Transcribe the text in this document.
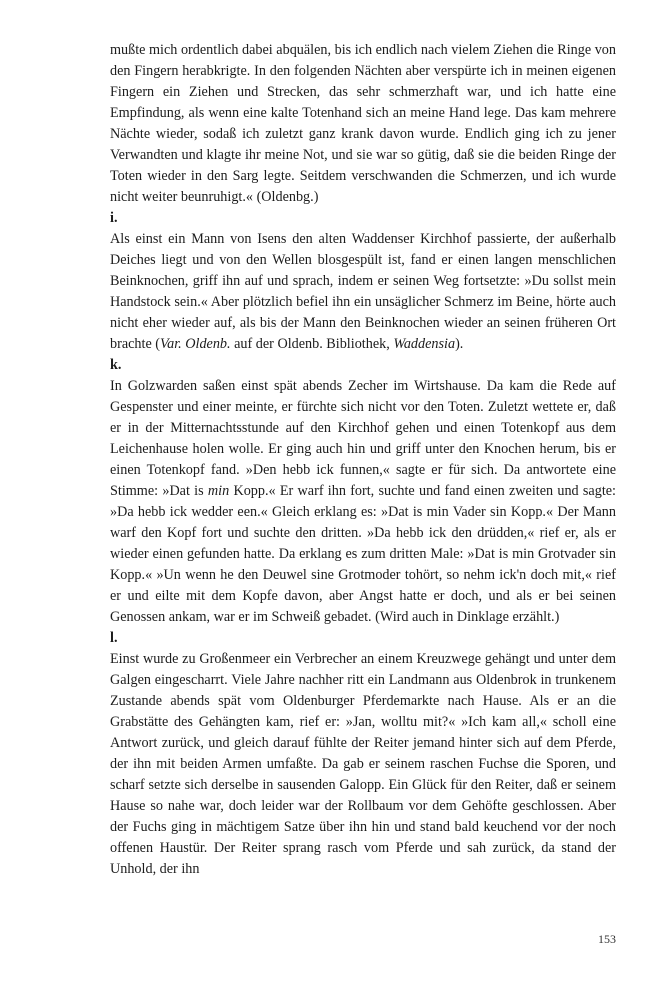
mußte mich ordentlich dabei abquälen, bis ich endlich nach vielem Ziehen die Ringe von den Fingern herabkrigte. In den folgenden Nächten aber verspürte ich in meinen eigenen Fingern ein Ziehen und Strecken, das sehr schmerzhaft war, und ich hatte eine Empfindung, als wenn eine kalte Totenhand sich an meine Hand lege. Das kam mehrere Nächte wieder, sodaß ich zuletzt ganz krank davon wurde. Endlich ging ich zu jener Verwandten und klagte ihr meine Not, und sie war so gütig, daß sie die beiden Ringe der Toten wieder in den Sarg legte. Seitdem verschwanden die Schmerzen, und ich wurde nicht weiter beunruhigt.« (Oldenbg.)

i.

Als einst ein Mann von Isens den alten Waddenser Kirchhof passierte, der außerhalb Deiches liegt und von den Wellen blosgespült ist, fand er einen langen menschlichen Beinknochen, griff ihn auf und sprach, indem er seinen Weg fortsetzte: »Du sollst mein Handstock sein.« Aber plötzlich befiel ihn ein unsäglicher Schmerz im Beine, hörte auch nicht eher wieder auf, als bis der Mann den Beinknochen wieder an seinen früheren Ort brachte (Var. Oldenb. auf der Oldenb. Bibliothek, Waddensia).

k.

In Golzwarden saßen einst spät abends Zecher im Wirtshause. Da kam die Rede auf Gespenster und einer meinte, er fürchte sich nicht vor den Toten. Zuletzt wettete er, daß er in der Mitternachtsstunde auf den Kirchhof gehen und einen Totenkopf aus dem Leichenhause holen wolle. Er ging auch hin und griff unter den Knochen herum, bis er einen Totenkopf fand. »Den hebb ick funnen,« sagte er für sich. Da antwortete eine Stimme: »Dat is min Kopp.« Er warf ihn fort, suchte und fand einen zweiten und sagte: »Da hebb ick wedder een.« Gleich erklang es: »Dat is min Vader sin Kopp.« Der Mann warf den Kopf fort und suchte den dritten. »Da hebb ick den drüdden,« rief er, als er wieder einen gefunden hatte. Da erklang es zum dritten Male: »Dat is min Grotvader sin Kopp.« »Un wenn he den Deuwel sine Grotmoder tohört, so nehm ick'n doch mit,« rief er und eilte mit dem Kopfe davon, aber Angst hatte er doch, und als er bei seinen Genossen ankam, war er im Schweiß gebadet. (Wird auch in Dinklage erzählt.)

l.

Einst wurde zu Großenmeer ein Verbrecher an einem Kreuzwege gehängt und unter dem Galgen eingescharrt. Viele Jahre nachher ritt ein Landmann aus Oldenbrok in trunkenem Zustande abends spät vom Oldenburger Pferdemarkte nach Hause. Als er an die Grabstätte des Gehängten kam, rief er: »Jan, wolltu mit?« »Ich kam all,« scholl eine Antwort zurück, und gleich darauf fühlte der Reiter jemand hinter sich auf dem Pferde, der ihn mit beiden Armen umfaßte. Da gab er seinem raschen Fuchse die Sporen, und scharf setzte sich derselbe in sausenden Galopp. Ein Glück für den Reiter, daß er seinem Hause so nahe war, doch leider war der Rollbaum vor dem Gehöfte geschlossen. Aber der Fuchs ging in mächtigem Satze über ihn hin und stand bald keuchend vor der noch offenen Haustür. Der Reiter sprang rasch vom Pferde und sah zurück, da stand der Unhold, der ihn

153
